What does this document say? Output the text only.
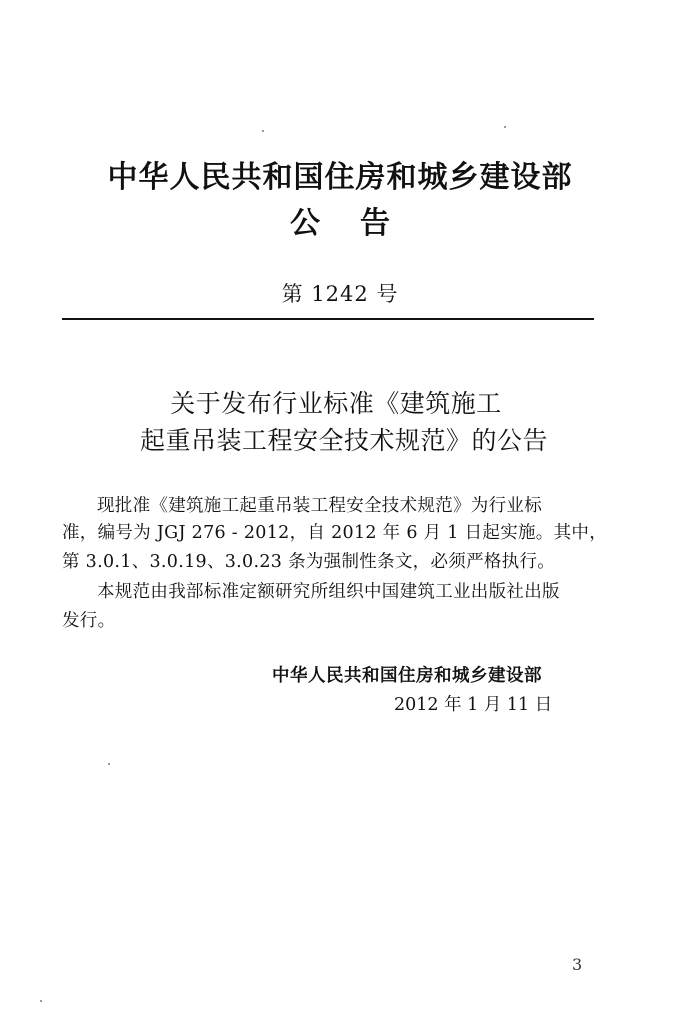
中华人民共和国住房和城乡建设部
公告
第 1242 号
关于发布行业标准《建筑施工
起重吊装工程安全技术规范》的公告
现批准《建筑施工起重吊装工程安全技术规范》为行业标
准，编号为 JGJ 276 - 2012，自 2012 年 6 月 1 日起实施。其中，
第 3.0.1、3.0.19、3.0.23 条为强制性条文，必须严格执行。
本规范由我部标准定额研究所组织中国建筑工业出版社出版
发行。
中华人民共和国住房和城乡建设部
2012 年 1 月 11 日
3
